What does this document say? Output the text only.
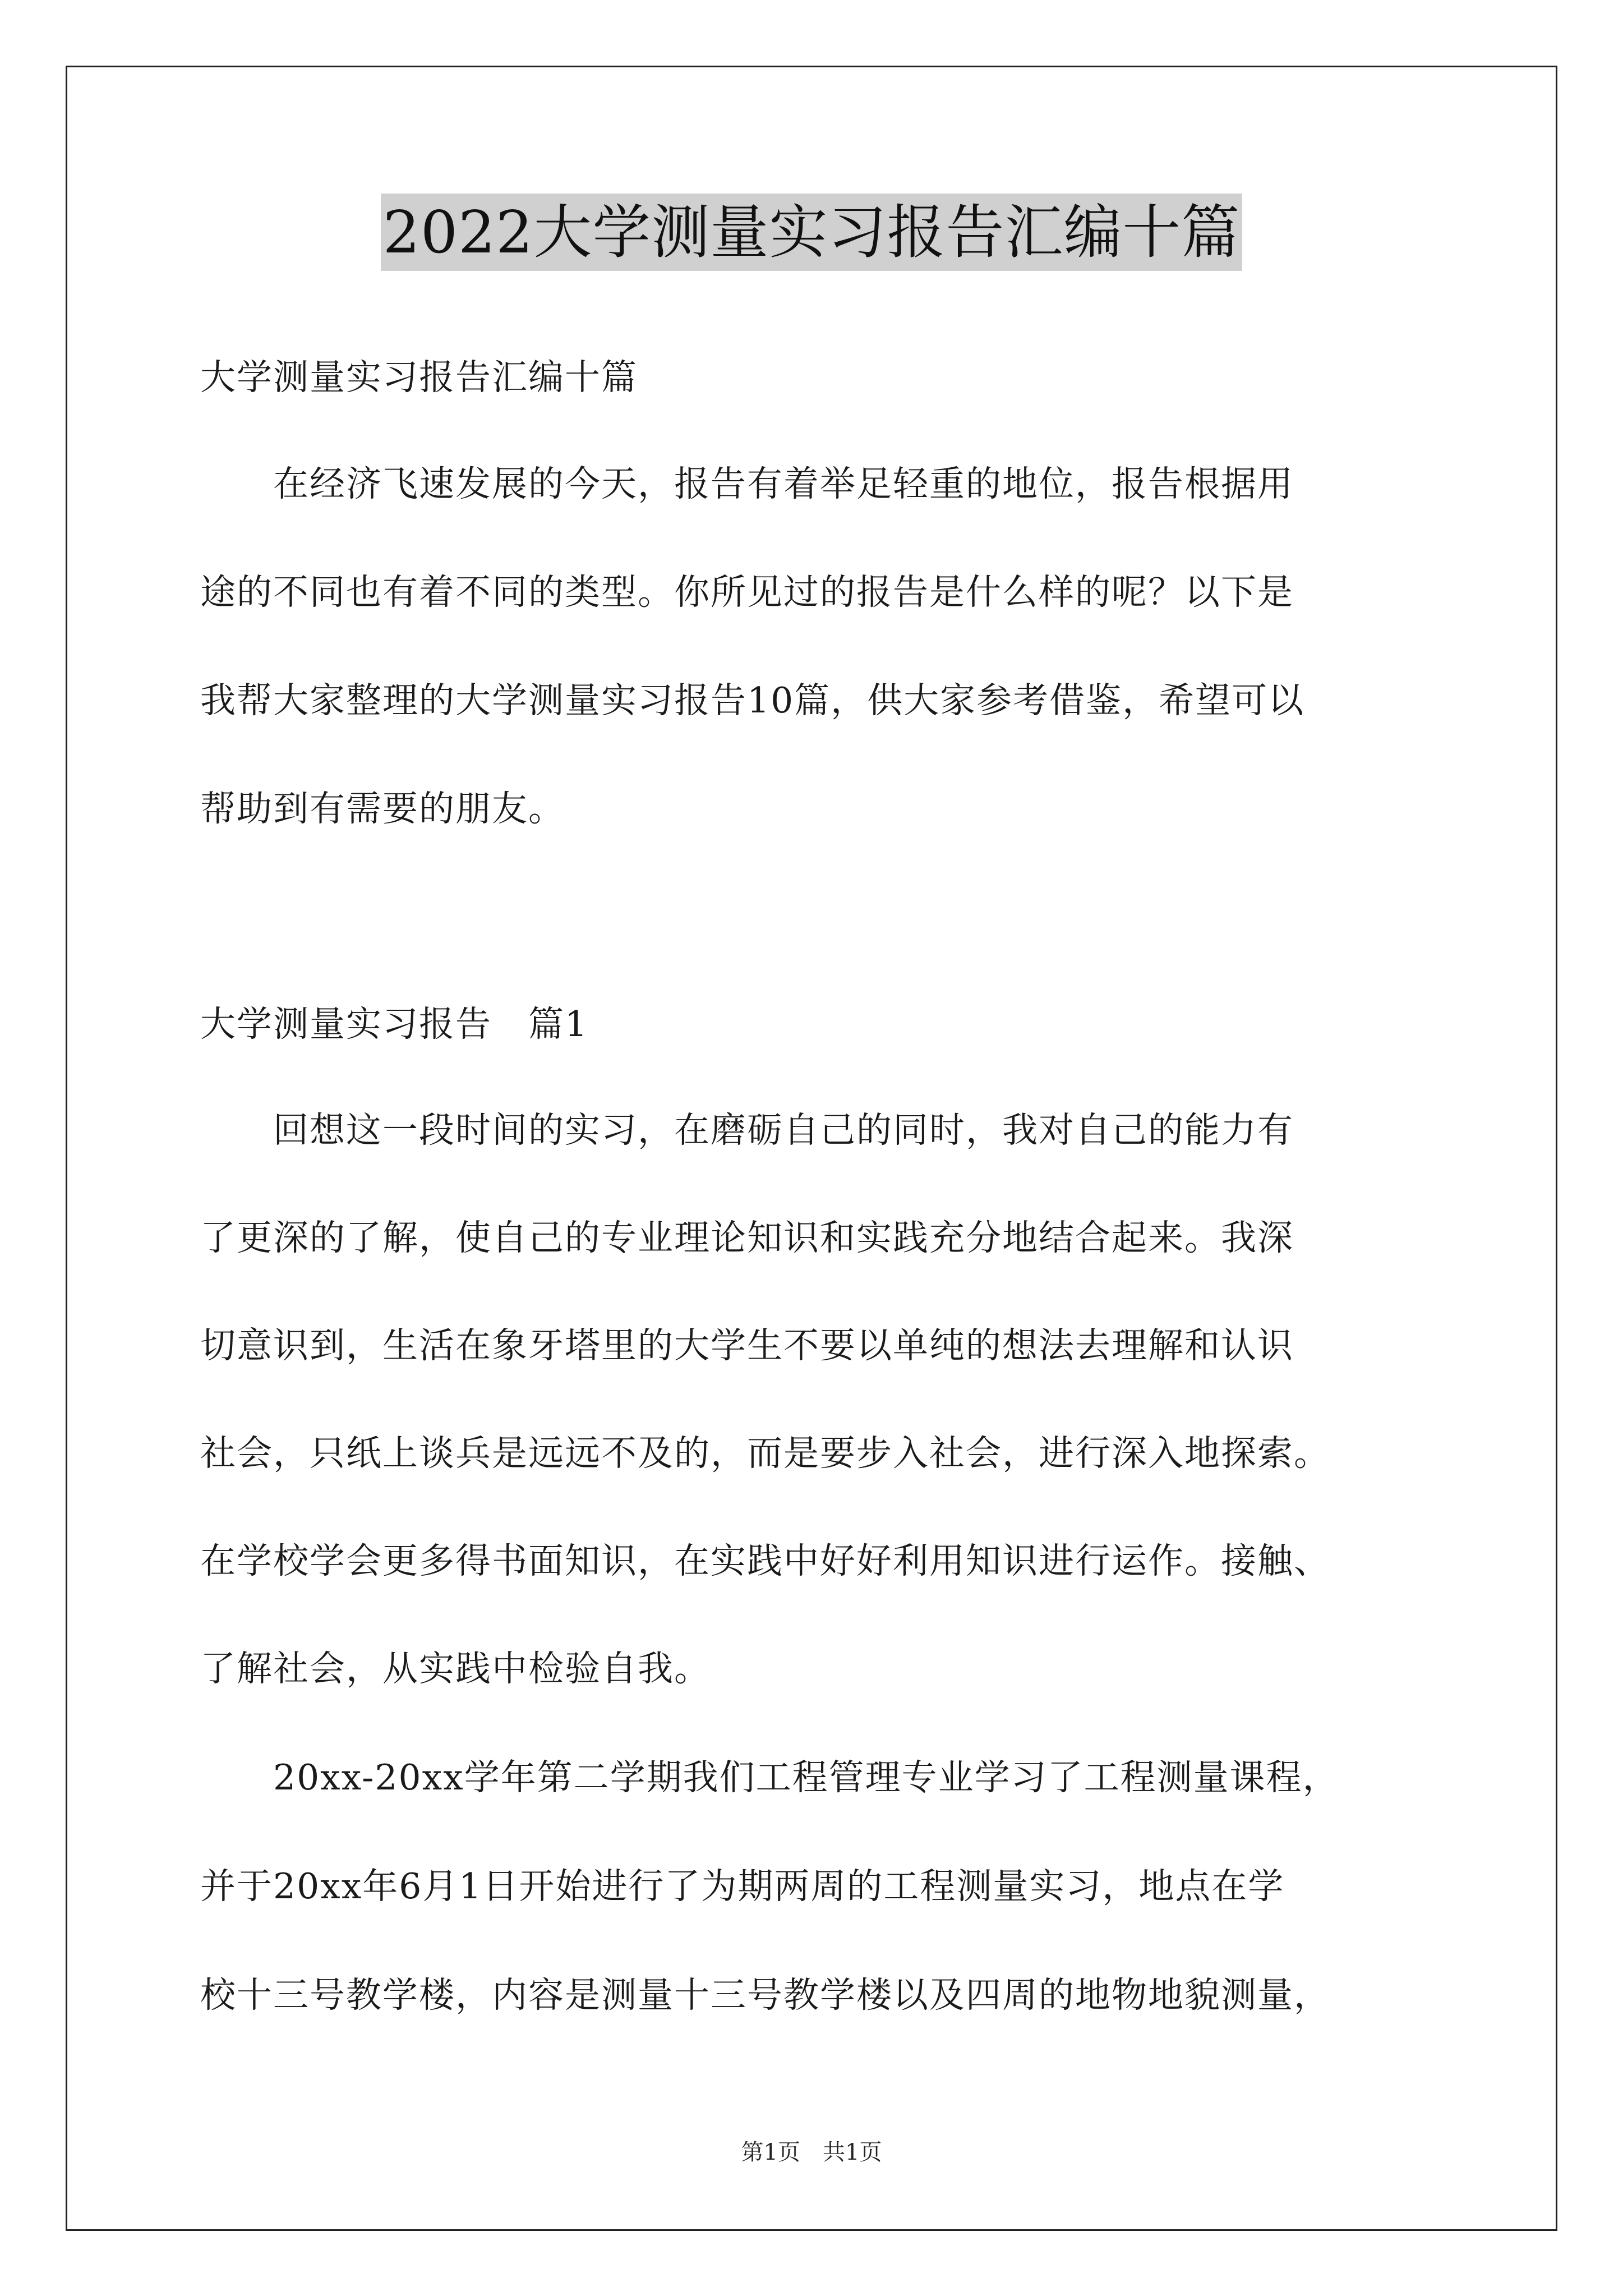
2022大学测量实习报告汇编十篇
大学测量实习报告汇编十篇
　　在经济飞速发展的今天，报告有着举足轻重的地位，报告根据用
途的不同也有着不同的类型。你所见过的报告是什么样的呢？以下是
我帮大家整理的大学测量实习报告10篇，供大家参考借鉴，希望可以
帮助到有需要的朋友。
大学测量实习报告　篇1
　　回想这一段时间的实习，在磨砺自己的同时，我对自己的能力有
了更深的了解，使自己的专业理论知识和实践充分地结合起来。我深
切意识到，生活在象牙塔里的大学生不要以单纯的想法去理解和认识
社会，只纸上谈兵是远远不及的，而是要步入社会，进行深入地探索。
在学校学会更多得书面知识，在实践中好好利用知识进行运作。接触、
了解社会，从实践中检验自我。
　　20xx-20xx学年第二学期我们工程管理专业学习了工程测量课程，
并于20xx年6月1日开始进行了为期两周的工程测量实习，地点在学
校十三号教学楼，内容是测量十三号教学楼以及四周的地物地貌测量，
第1页　共1页
